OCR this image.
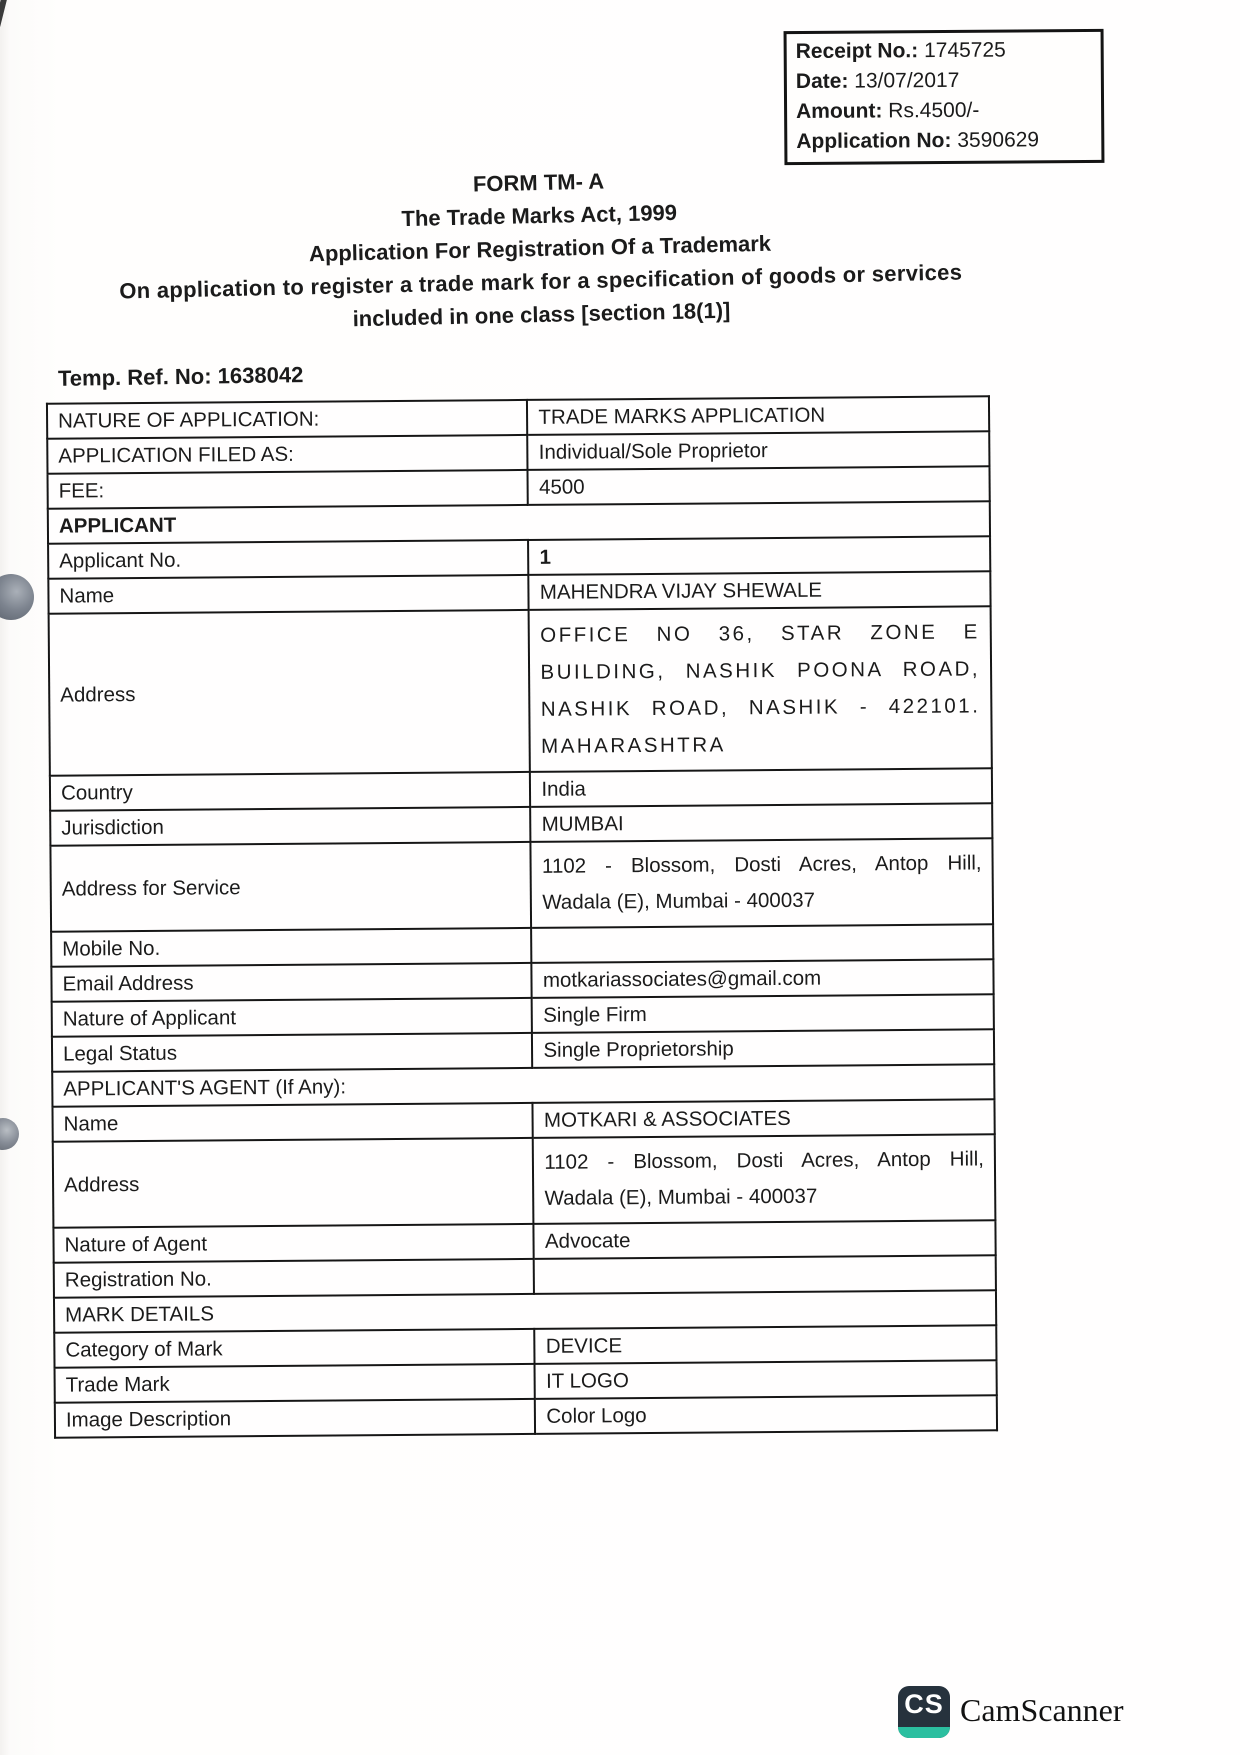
Receipt No.: 1745725
Date: 13/07/2017
Amount: Rs.4500/-
Application No: 3590629
FORM TM- A
The Trade Marks Act, 1999
Application For Registration Of a Trademark
On application to register a trade mark for a specification of goods or services
included in one class [section 18(1)]
Temp. Ref. No: 1638042
NATURE OF APPLICATION:	TRADE MARKS APPLICATION
APPLICATION FILED AS:	Individual/Sole Proprietor
FEE:	4500
APPLICANT	
Applicant No.	1
Name	MAHENDRA VIJAY SHEWALE
Address	OFFICE NO 36, STAR ZONE E
BUILDING, NASHIK POONA ROAD,
NASHIK ROAD, NASHIK - 422101.
MAHARASHTRA

Country	India
Jurisdiction	MUMBAI
Address for Service	1102 - Blossom, Dosti Acres, Antop Hill,
Wadala (E), Mumbai - 400037

Mobile No.	
Email Address	motkariassociates@gmail.com
Nature of Applicant	Single Firm
Legal Status	Single Proprietorship
APPLICANT'S AGENT (If Any):	
Name	MOTKARI & ASSOCIATES
Address	1102 - Blossom, Dosti Acres, Antop Hill,
Wadala (E), Mumbai - 400037

Nature of Agent	Advocate
Registration No.	
MARK DETAILS	
Category of Mark	DEVICE
Trade Mark	IT LOGO
Image Description	Color Logo
CS CamScanner
